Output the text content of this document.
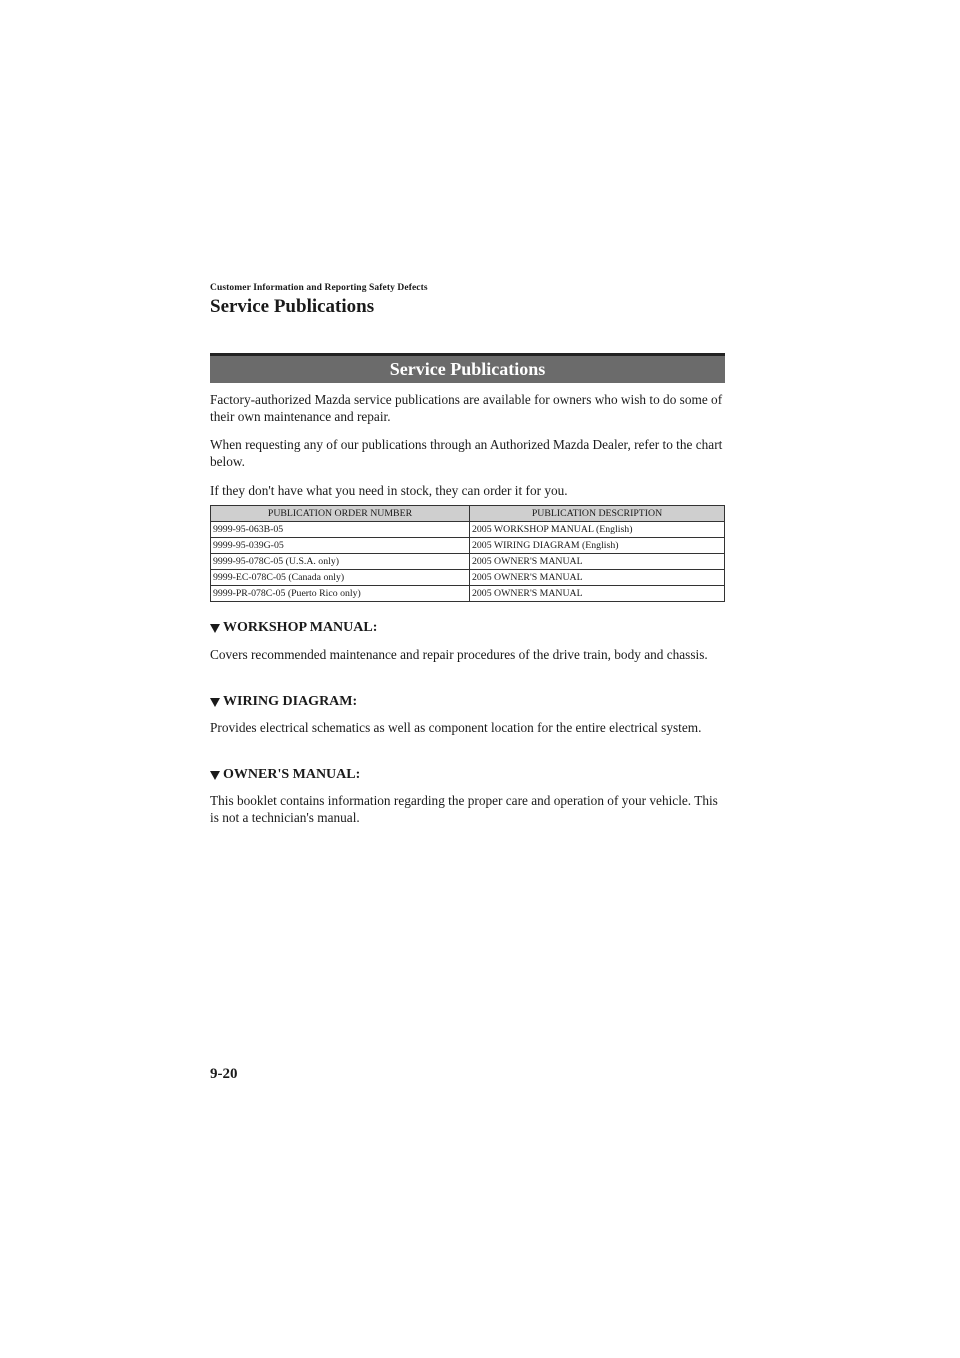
Customer Information and Reporting Safety Defects
Service Publications
Service Publications

Factory-authorized Mazda service publications are available for owners who wish to do some of their own maintenance and repair.

When requesting any of our publications through an Authorized Mazda Dealer, refer to the chart below.

If they don't have what you need in stock, they can order it for you.

PUBLICATION ORDER NUMBER	PUBLICATION DESCRIPTION
9999-95-063B-05	2005 WORKSHOP MANUAL (English)
9999-95-039G-05	2005 WIRING DIAGRAM (English)
9999-95-078C-05 (U.S.A. only)	2005 OWNER'S MANUAL
9999-EC-078C-05 (Canada only)	2005 OWNER'S MANUAL
9999-PR-078C-05 (Puerto Rico only)	2005 OWNER'S MANUAL
WORKSHOP MANUAL:

Covers recommended maintenance and repair procedures of the drive train, body and chassis.

WIRING DIAGRAM:

Provides electrical schematics as well as component location for the entire electrical system.

OWNER'S MANUAL:

This booklet contains information regarding the proper care and operation of your vehicle. This is not a technician's manual.

9-20
